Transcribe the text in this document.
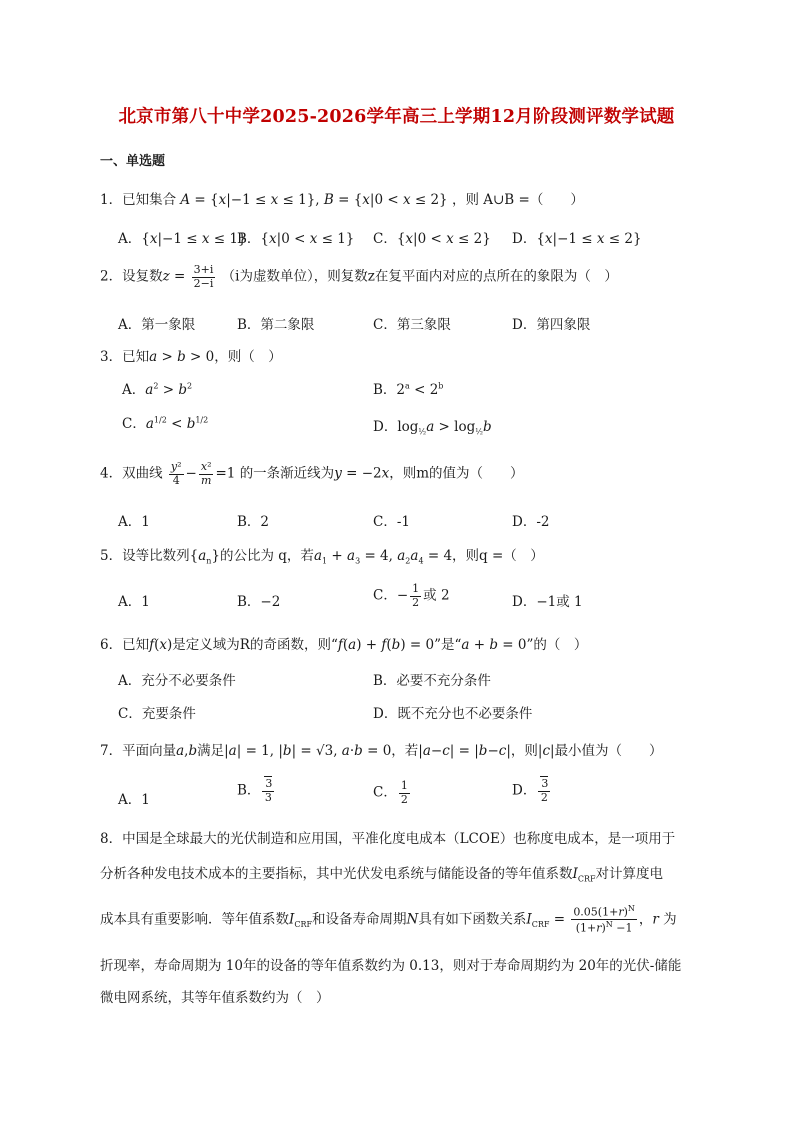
北京市第八十中学2025-2026学年高三上学期12月阶段测评数学试题
一、单选题
1．已知集合 A = {x|−1 ≤ x ≤ 1}, B = {x|0 < x ≤ 2} ，则 A∪B =（　　）
A．{x|−1 ≤ x ≤ 1}
B．{x|0 < x ≤ 1} C．{x|0 < x ≤ 2} D．{x|−1 ≤ x ≤ 2}
2．设复数$z = \frac{3+i}{2-i} (i$为虚数单位），则复数z在复平面内对应的点所在的象限为（　）
A．第一象限	B．第二象限	C．第三象限	D．第四象限
3．已知a > b > 0，则（　）
A．$a^2 > b^2$	B．$2^a < 2^b$
C．$a^{1/2} < b^{1/2}$	D．$\log_{\frac{1}{2}}a > \log_{\frac{1}{2}}b$
4．双曲线 $\frac{\text{y²}}{4} - \frac{\text{x²}}{m} =1$ 的一条渐近线为y = −2x，则m的值为（　　）
A．1	B．2	C．-1	D．-2
5．设等比数列$\{a_n\}$的公比为 q，若$a_1 + a_3 = 4$, $a_2a_4 = 4$，则q =（　）
A．1	B．−2	C．− $\frac{1}{2}$ 或 2	D．−1或 1
6．已知f(x)是定义域为R的奇函数，则“f(a) + f(b) = 0”是“a + b = 0”的（　）
A．充分不必要条件	B．必要不充分条件
C．充要条件	D．既不充分也不必要条件
7．平面向量a,b满足|a| = 1, |b| = √3, a·b = 0，若|a−c| = |b−c|，则|c|最小值为（　　）
A．1
B． $\frac{3}{3}$	C． $\frac{1}{2}$	D． $\frac{3}{2}$
8．中国是全球最大的光伏制造和应用国，平准化度电成本（LCOE）也称度电成本，是一项用于
分析各种发电技术成本的主要指标，其中光伏发电系统与储能设备的等年值系数$I_{CRF}$对计算度电
成本具有重要影响．等年值系数$I_{CRF}$和设备寿命周期N具有如下函数关系$I_{CRF} = \frac{0.05(1+r)^N}{(1+r)^N -1}$ ，r 为
折现率，寿命周期为 10年的设备的等年值系数约为 0.13，则对于寿命周期约为 20年的光伏-储能
微电网系统，其等年值系数约为（　）
